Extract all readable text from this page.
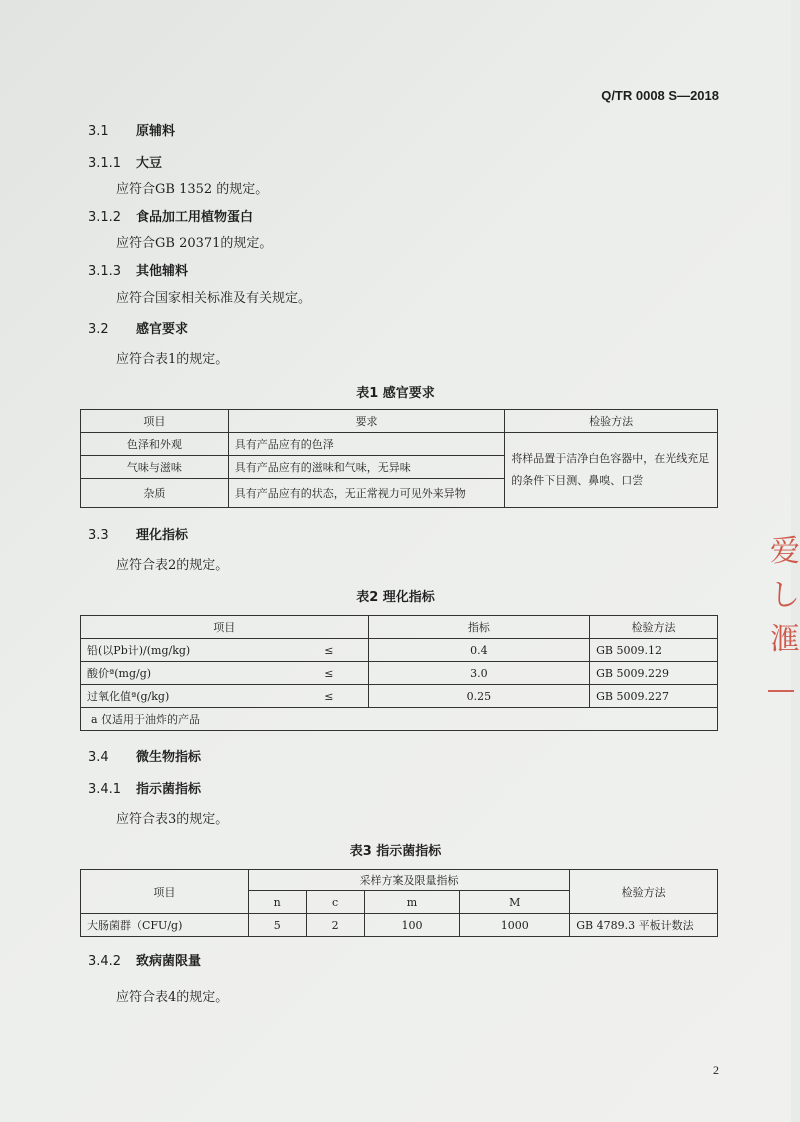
Q/TR 0008 S—2018
3.1 原辅料
3.1.1 大豆
应符合GB 1352 的规定。
3.1.2 食品加工用植物蛋白
应符合GB 20371的规定。
3.1.3 其他辅料
应符合国家相关标准及有关规定。
3.2 感官要求
应符合表1的规定。
表1 感官要求
项目	要求	检验方法
色泽和外观	具有产品应有的色泽	将样品置于洁净白色容器中，在光线充足的条件下目测、鼻嗅、口尝
气味与滋味	具有产品应有的滋味和气味，无异味	
杂质	具有产品应有的状态，无正常视力可见外来异物	
3.3 理化指标
应符合表2的规定。
表2 理化指标
项目		指标	检验方法
铅(以Pb计)/(mg/kg)	≤	0.4	GB 5009.12
酸价ª(mg/g)	≤	3.0	GB 5009.229
过氧化值ª(g/kg)	≤	0.25	GB 5009.227
a 仅适用于油炸的产品			
3.4 微生物指标
3.4.1 指示菌指标
应符合表3的规定。
表3 指示菌指标
项目	采样方案及限量指标				检验方法
	n	c	m	M	
大肠菌群（CFU/g)	5	2	100	1000	GB 4789.3 平板计数法
3.4.2 致病菌限量
应符合表4的规定。
2
爱
し
滙
